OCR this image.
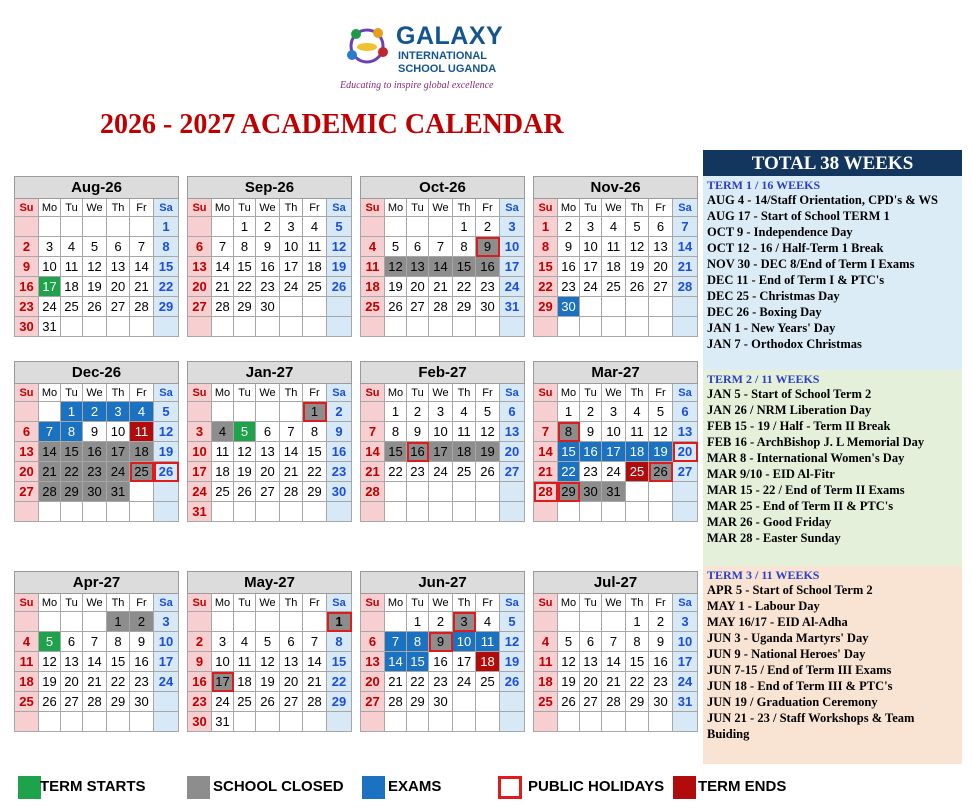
GALAXY
INTERNATIONAL
SCHOOL UGANDA
Educating to inspire global excellence
2026 - 2027 ACADEMIC CALENDAR
Aug-26						
Su	Mo	Tu	We	Th	Fr	Sa
						1
2	3	4	5	6	7	8
9	10	11	12	13	14	15
16	17	18	19	20	21	22
23	24	25	26	27	28	29
30	31					
Sep-26						
Su	Mo	Tu	We	Th	Fr	Sa
		1	2	3	4	5
6	7	8	9	10	11	12
13	14	15	16	17	18	19
20	21	22	23	24	25	26
27	28	29	30			

Oct-26						
Su	Mo	Tu	We	Th	Fr	Sa
				1	2	3
4	5	6	7	8	9	10
11	12	13	14	15	16	17
18	19	20	21	22	23	24
25	26	27	28	29	30	31

Nov-26						
Su	Mo	Tu	We	Th	Fr	Sa
1	2	3	4	5	6	7
8	9	10	11	12	13	14
15	16	17	18	19	20	21
22	23	24	25	26	27	28
29	30					

Dec-26						
Su	Mo	Tu	We	Th	Fr	Sa
		1	2	3	4	5
6	7	8	9	10	11	12
13	14	15	16	17	18	19
20	21	22	23	24	25	26
27	28	29	30	31		

Jan-27						
Su	Mo	Tu	We	Th	Fr	Sa
					1	2
3	4	5	6	7	8	9
10	11	12	13	14	15	16
17	18	19	20	21	22	23
24	25	26	27	28	29	30
31						
Feb-27						
Su	Mo	Tu	We	Th	Fr	Sa
	1	2	3	4	5	6
7	8	9	10	11	12	13
14	15	16	17	18	19	20
21	22	23	24	25	26	27
28						

Mar-27						
Su	Mo	Tu	We	Th	Fr	Sa
	1	2	3	4	5	6
7	8	9	10	11	12	13
14	15	16	17	18	19	20
21	22	23	24	25	26	27
28	29	30	31			

Apr-27						
Su	Mo	Tu	We	Th	Fr	Sa
				1	2	3
4	5	6	7	8	9	10
11	12	13	14	15	16	17
18	19	20	21	22	23	24
25	26	27	28	29	30	

May-27						
Su	Mo	Tu	We	Th	Fr	Sa
						1
2	3	4	5	6	7	8
9	10	11	12	13	14	15
16	17	18	19	20	21	22
23	24	25	26	27	28	29
30	31					
Jun-27						
Su	Mo	Tu	We	Th	Fr	Sa
		1	2	3	4	5
6	7	8	9	10	11	12
13	14	15	16	17	18	19
20	21	22	23	24	25	26
27	28	29	30			

Jul-27						
Su	Mo	Tu	We	Th	Fr	Sa
				1	2	3
4	5	6	7	8	9	10
11	12	13	14	15	16	17
18	19	20	21	22	23	24
25	26	27	28	29	30	31

TOTAL 38 WEEKS
TERM 1 / 16 WEEKS
AUG 4 - 14/Staff Orientation, CPD's & WS
AUG 17 - Start of School TERM 1
OCT 9 - Independence Day
OCT 12 - 16 / Half-Term 1 Break
NOV 30 - DEC 8/End of Term I Exams
DEC 11 - End of Term I & PTC's
DEC 25 - Christmas Day
DEC 26 - Boxing Day
JAN 1 - New Years' Day
JAN 7 - Orthodox Christmas
TERM 2 / 11 WEEKS
JAN 5 - Start of School Term 2
JAN 26 / NRM Liberation Day
FEB 15 - 19 / Half - Term II Break
FEB 16 - ArchBishop J. L Memorial Day
MAR 8 - International Women's Day
MAR 9/10 - EID Al-Fitr
MAR 15 - 22 / End of Term II Exams
MAR 25 - End of Term II & PTC's
MAR 26 - Good Friday
MAR 28 - Easter Sunday
TERM 3 / 11 WEEKS
APR 5 - Start of School Term 2
MAY 1 - Labour Day
MAY 16/17 - EID Al-Adha
JUN 3 - Uganda Martyrs' Day
JUN 9 - National Heroes' Day
JUN 7-15 / End of Term III Exams
JUN 18 - End of Term III & PTC's
JUN 19 / Graduation Ceremony
JUN 21 - 23 / Staff Workshops & Team Buiding
TERM STARTS	SCHOOL CLOSED	EXAMS	PUBLIC HOLIDAYS TERM ENDS
